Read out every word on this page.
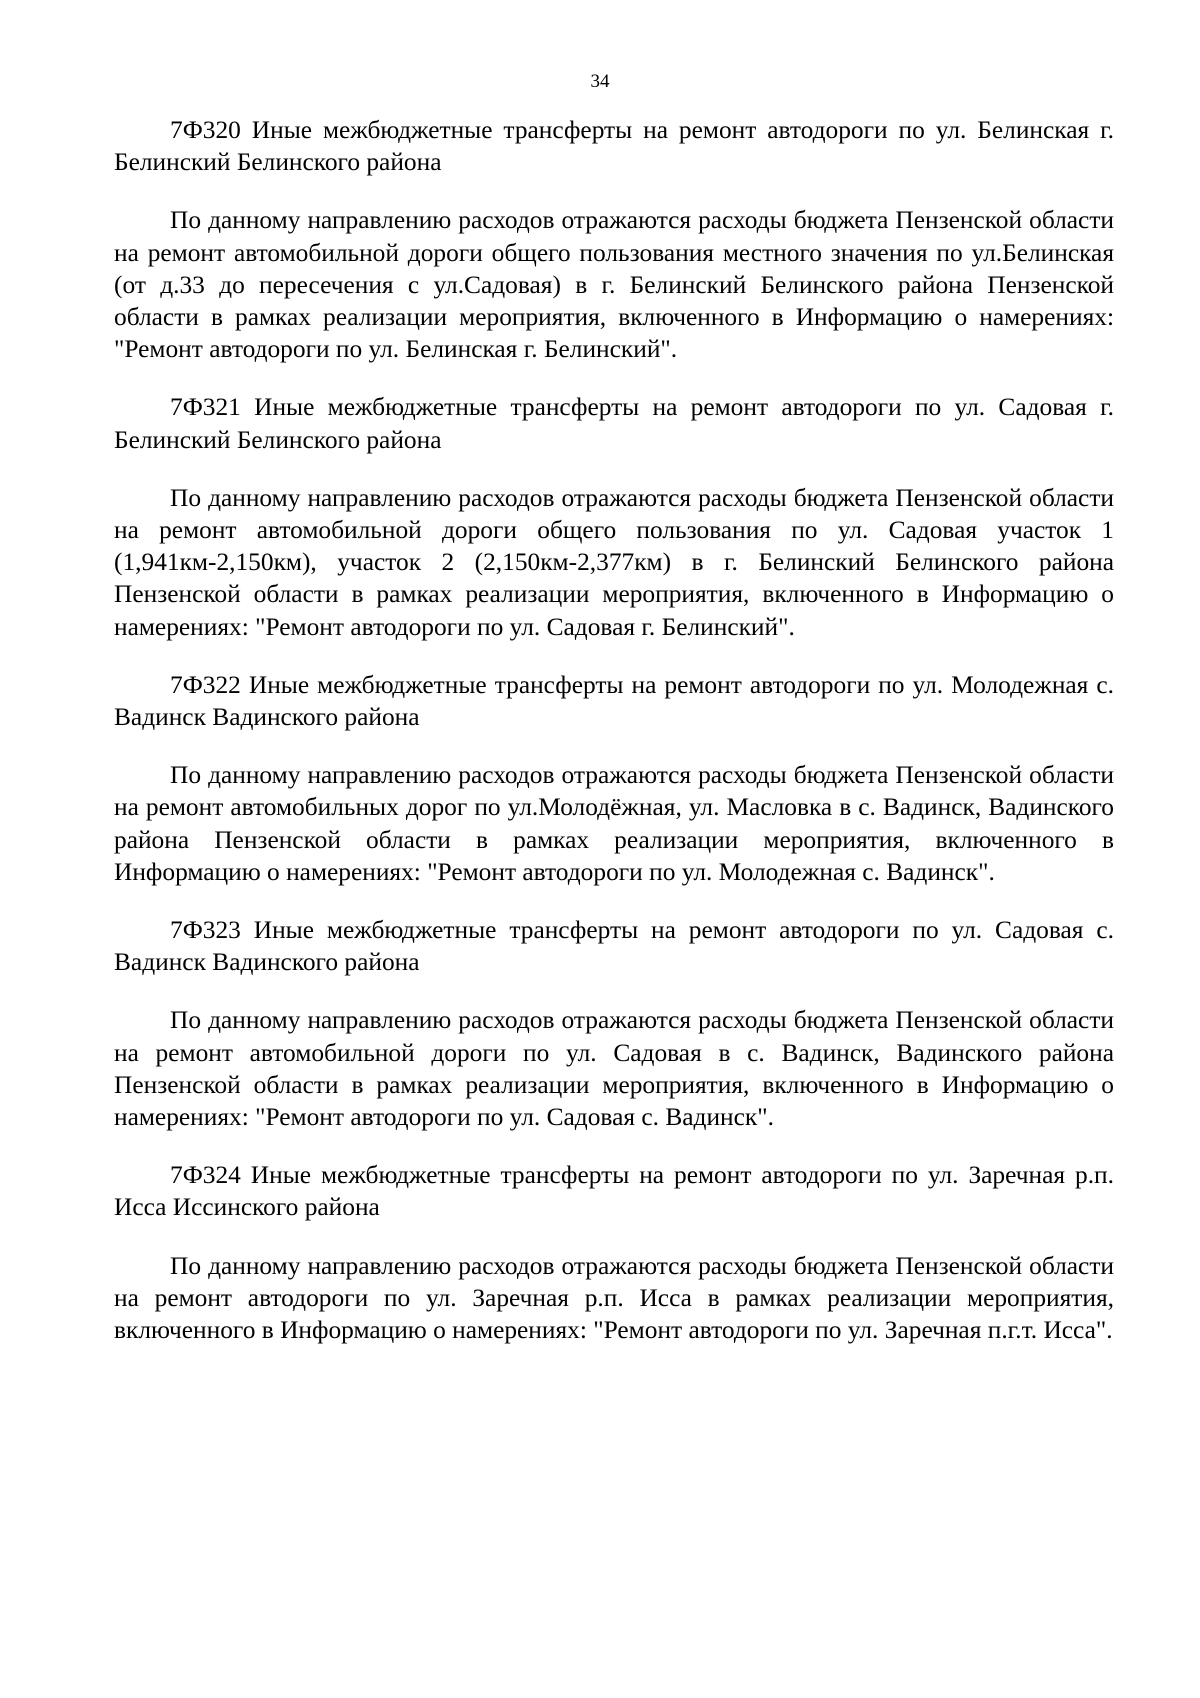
34

7Ф320 Иные межбюджетные трансферты на ремонт автодороги по ул. Белинская г. Белинский Белинского района

По данному направлению расходов отражаются расходы бюджета Пензенской области на ремонт автомобильной дороги общего пользования местного значения по ул.Белинская (от д.33 до пересечения с ул.Садовая) в г. Белинский Белинского района Пензенской области в рамках реализации мероприятия, включенного в Информацию о намерениях: "Ремонт автодороги по ул. Белинская г. Белинский".

7Ф321 Иные межбюджетные трансферты на ремонт автодороги по ул. Садовая г. Белинский Белинского района

По данному направлению расходов отражаются расходы бюджета Пензенской области на ремонт автомобильной дороги общего пользования по ул. Садовая участок 1 (1,941км-2,150км), участок 2 (2,150км-2,377км) в г. Белинский Белинского района Пензенской области в рамках реализации мероприятия, включенного в Информацию о намерениях: "Ремонт автодороги по ул. Садовая г. Белинский".

7Ф322 Иные межбюджетные трансферты на ремонт автодороги по ул. Молодежная с. Вадинск Вадинского района

По данному направлению расходов отражаются расходы бюджета Пензенской области на ремонт автомобильных дорог по ул.Молодёжная, ул. Масловка в с. Вадинск, Вадинского района Пензенской области в рамках реализации мероприятия, включенного в Информацию о намерениях: "Ремонт автодороги по ул. Молодежная с. Вадинск".

7Ф323 Иные межбюджетные трансферты на ремонт автодороги по ул. Садовая с. Вадинск Вадинского района

По данному направлению расходов отражаются расходы бюджета Пензенской области на ремонт автомобильной дороги по ул. Садовая в с. Вадинск, Вадинского района Пензенской области в рамках реализации мероприятия, включенного в Информацию о намерениях: "Ремонт автодороги по ул. Садовая с. Вадинск".

7Ф324 Иные межбюджетные трансферты на ремонт автодороги по ул. Заречная р.п. Исса Иссинского района

По данному направлению расходов отражаются расходы бюджета Пензенской области на ремонт автодороги по ул. Заречная р.п. Исса в рамках реализации мероприятия, включенного в Информацию о намерениях: "Ремонт автодороги по ул. Заречная п.г.т. Исса".
